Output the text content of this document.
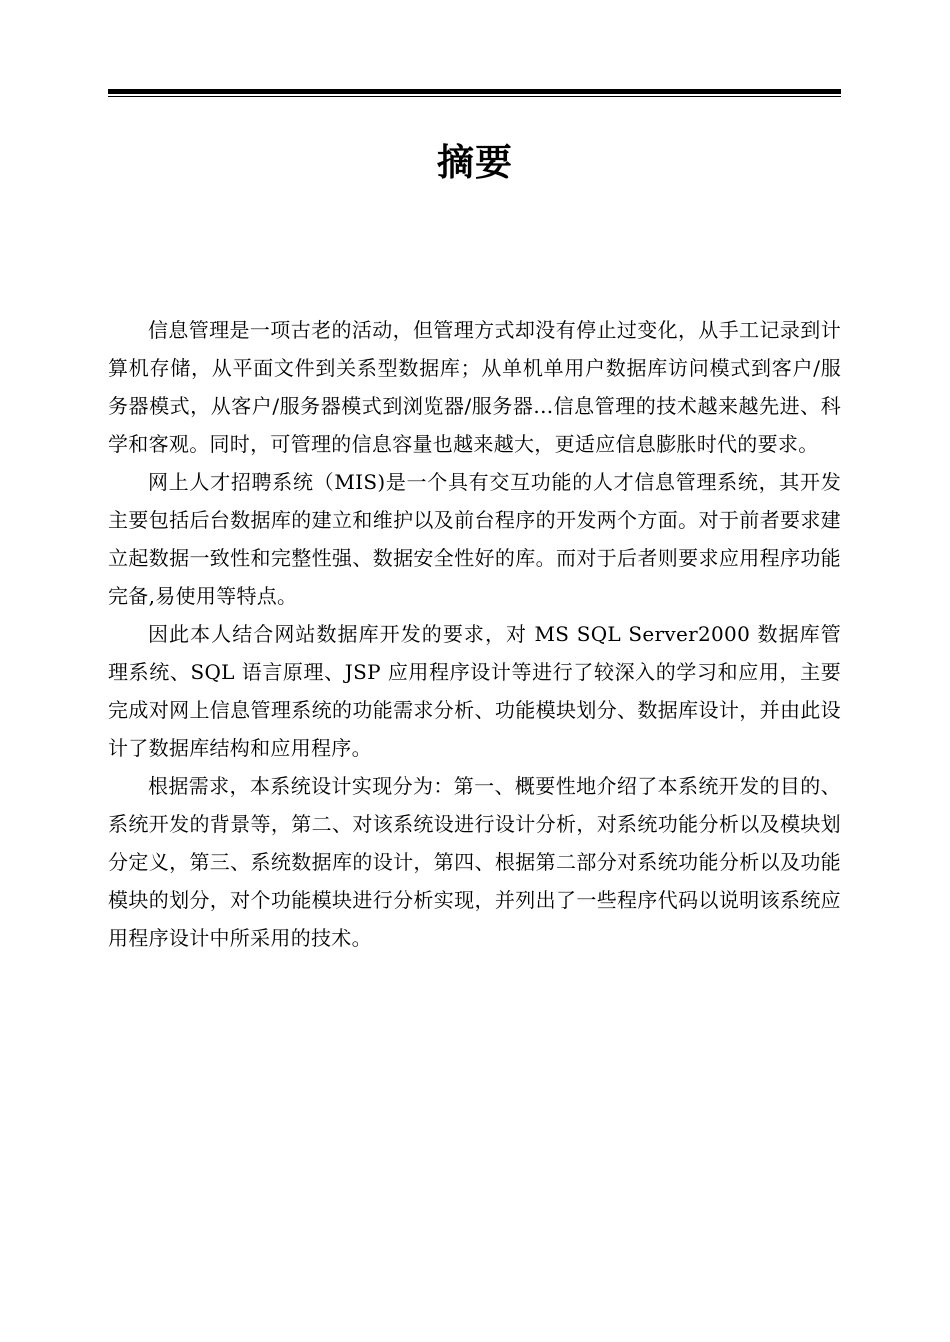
摘要

信息管理是一项古老的活动，但管理方式却没有停止过变化，从手工记录到计算机存储，从平面文件到关系型数据库；从单机单用户数据库访问模式到客户/服务器模式，从客户/服务器模式到浏览器/服务器...信息管理的技术越来越先进、科学和客观。同时，可管理的信息容量也越来越大，更适应信息膨胀时代的要求。

网上人才招聘系统（MIS)是一个具有交互功能的人才信息管理系统，其开发主要包括后台数据库的建立和维护以及前台程序的开发两个方面。对于前者要求建立起数据一致性和完整性强、数据安全性好的库。而对于后者则要求应用程序功能完备,易使用等特点。

因此本人结合网站数据库开发的要求，对 MS SQL Server2000 数据库管理系统、SQL 语言原理、JSP 应用程序设计等进行了较深入的学习和应用，主要完成对网上信息管理系统的功能需求分析、功能模块划分、数据库设计，并由此设计了数据库结构和应用程序。

根据需求，本系统设计实现分为：第一、概要性地介绍了本系统开发的目的、系统开发的背景等，第二、对该系统设进行设计分析，对系统功能分析以及模块划分定义，第三、系统数据库的设计，第四、根据第二部分对系统功能分析以及功能模块的划分，对个功能模块进行分析实现，并列出了一些程序代码以说明该系统应用程序设计中所采用的技术。
